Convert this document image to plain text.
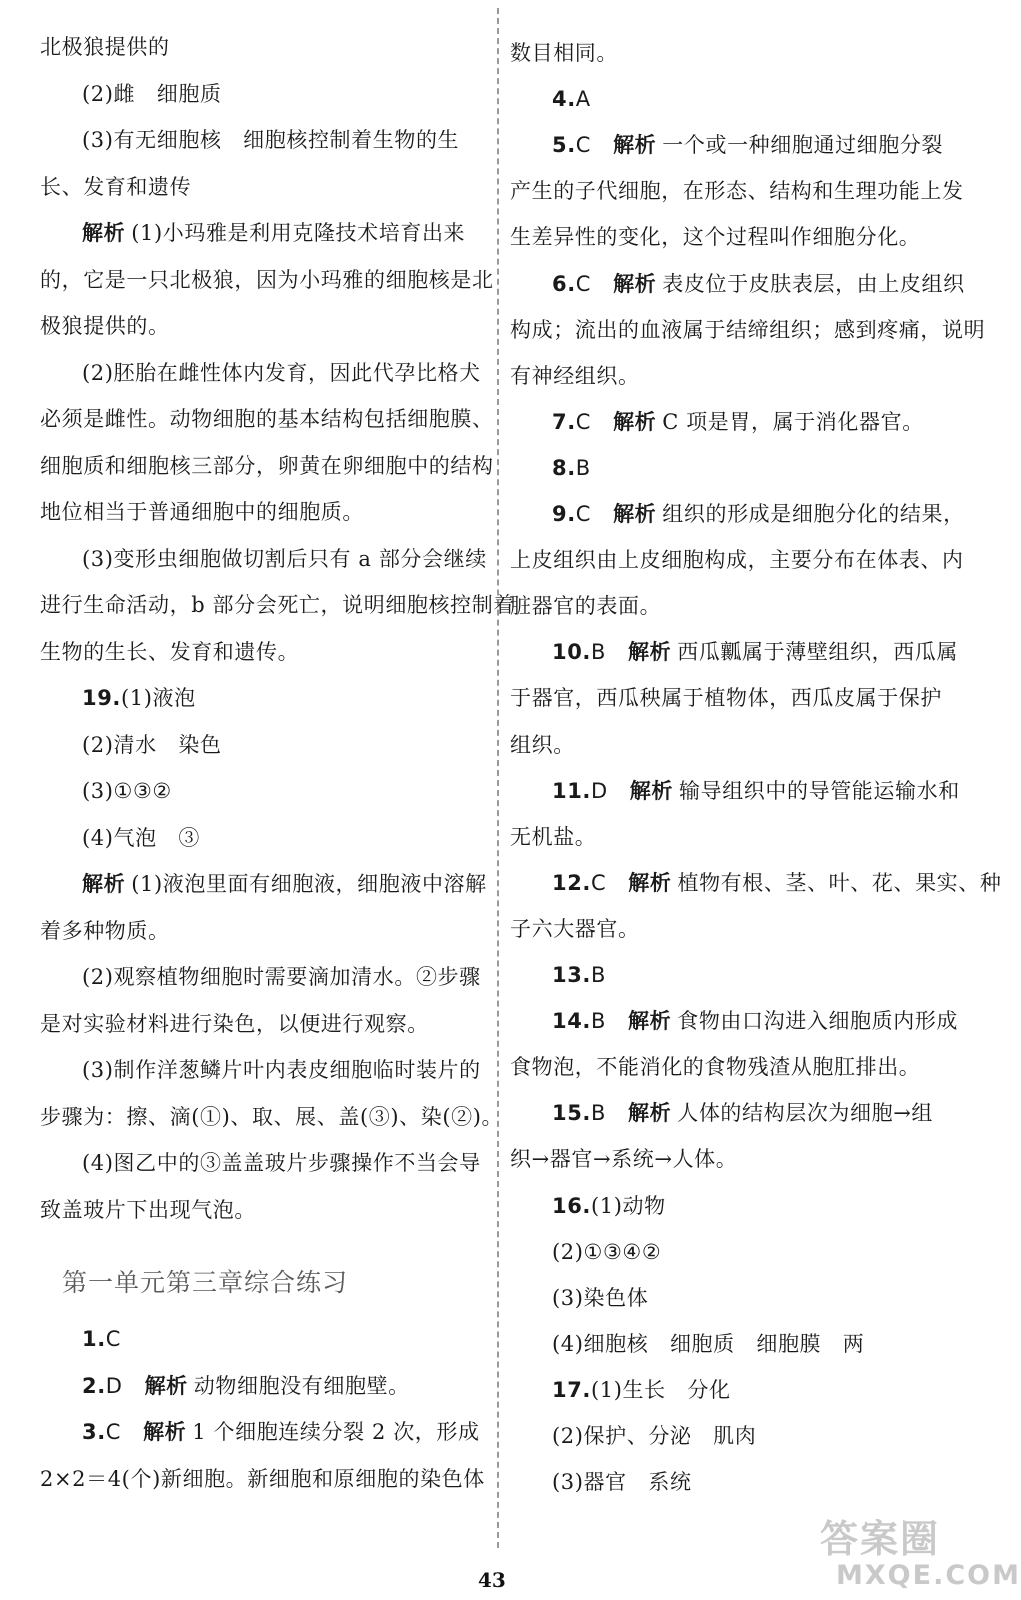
北极狼提供的
(2)雌　细胞质
(3)有无细胞核　细胞核控制着生物的生
长、发育和遗传
解析 (1)小玛雅是利用克隆技术培育出来
的，它是一只北极狼，因为小玛雅的细胞核是北
极狼提供的。
(2)胚胎在雌性体内发育，因此代孕比格犬
必须是雌性。动物细胞的基本结构包括细胞膜、
细胞质和细胞核三部分，卵黄在卵细胞中的结构
地位相当于普通细胞中的细胞质。
(3)变形虫细胞做切割后只有 a 部分会继续
进行生命活动，b 部分会死亡，说明细胞核控制着
生物的生长、发育和遗传。
19.(1)液泡
(2)清水　染色
(3)①③②
(4)气泡　③
解析 (1)液泡里面有细胞液，细胞液中溶解
着多种物质。
(2)观察植物细胞时需要滴加清水。②步骤
是对实验材料进行染色，以便进行观察。
(3)制作洋葱鳞片叶内表皮细胞临时装片的
步骤为：擦、滴(①)、取、展、盖(③)、染(②)。
(4)图乙中的③盖盖玻片步骤操作不当会导
致盖玻片下出现气泡。
1.C
2.D 解析 动物细胞没有细胞壁。
3.C 解析 1 个细胞连续分裂 2 次，形成
2×2＝4(个)新细胞。新细胞和原细胞的染色体
第一单元第三章综合练习
数目相同。
4.A
5.C 解析 一个或一种细胞通过细胞分裂
产生的子代细胞，在形态、结构和生理功能上发
生差异性的变化，这个过程叫作细胞分化。
6.C 解析 表皮位于皮肤表层，由上皮组织
构成；流出的血液属于结缔组织；感到疼痛，说明
有神经组织。
7.C 解析 C 项是胃，属于消化器官。
8.B
9.C 解析 组织的形成是细胞分化的结果，
上皮组织由上皮细胞构成，主要分布在体表、内
脏器官的表面。
10.B 解析 西瓜瓤属于薄壁组织，西瓜属
于器官，西瓜秧属于植物体，西瓜皮属于保护
组织。
11.D 解析 输导组织中的导管能运输水和
无机盐。
12.C 解析 植物有根、茎、叶、花、果实、种
子六大器官。
13.B
14.B 解析 食物由口沟进入细胞质内形成
食物泡，不能消化的食物残渣从胞肛排出。
15.B 解析 人体的结构层次为细胞→组
织→器官→系统→人体。
16.(1)动物
(2)①③④②
(3)染色体
(4)细胞核　细胞质　细胞膜　两
17.(1)生长　分化
(2)保护、分泌　肌肉
(3)器官　系统
43
答案圈
MXQE.COM
